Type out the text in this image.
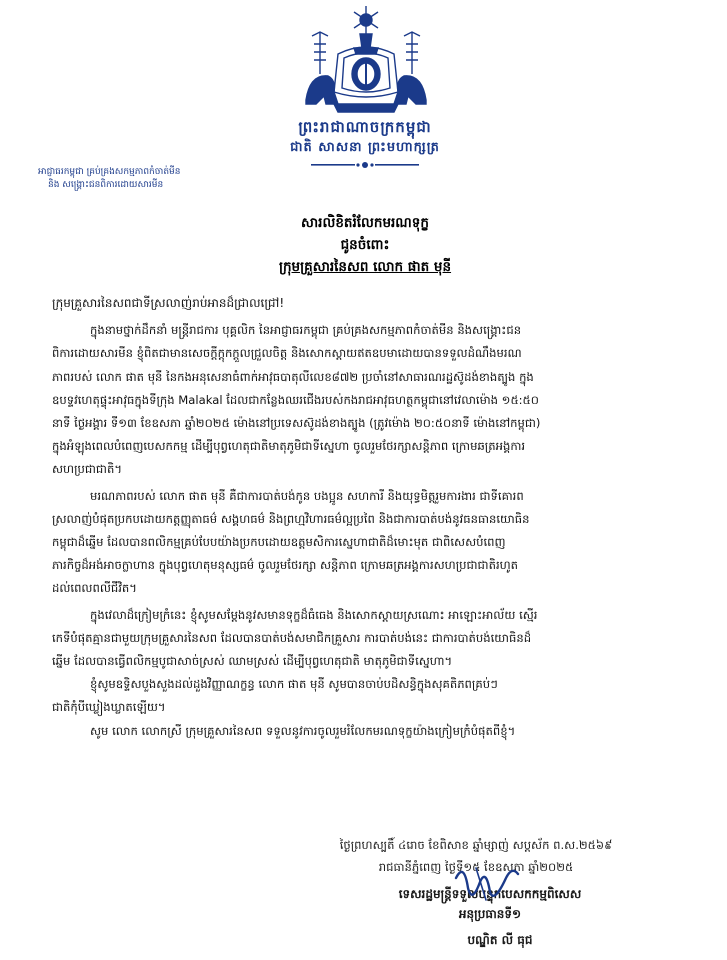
ព្រះរាជាណាចក្រកម្ពុជា
ជាតិ សាសនា ព្រះមហាក្សត្រ
អាជ្ញាធរកម្ពុជា គ្រប់គ្រងសកម្មភាពកំចាត់មីន
និង សង្គ្រោះជនពិការដោយសារមីន
សារលិខិតរំលែកមរណទុក្ខ
ជូនចំពោះ
ក្រុមគ្រួសារនៃសព លោក ផាត មុនី
ក្រុមគ្រួសារនៃសពជាទីស្រលាញ់រាប់អានដ៏ជ្រាលជ្រៅ!
ក្នុងនាមថ្នាក់ដឹកនាំ មន្ត្រីរាជការ បុគ្គលិក នៃអាជ្ញាធរកម្ពុជា គ្រប់គ្រងសកម្មភាពកំចាត់មីន និងសង្គ្រោះជន
ពិការដោយសារមីន ខ្ញុំពិតជាមានសេចក្តីក្តុកក្តួលជ្រួលចិត្ត និងសោកស្តាយឥតឧបមាដោយបានទទួលដំណឹងមរណ
ភាពរបស់ លោក ផាត មុនី នៃកងអនុសេនាធំពាក់អាវុធបាតុលីលេខ៨៧២ ប្រចាំនៅសាធារណរដ្ឋស៊ូដង់ខាងត្បូង ក្នុង
ឧបទ្ទវហេតុផ្ទុះអាវុធក្នុងទីក្រុង Malakal ដែលជាកន្លែងឈរជើងរបស់កងរាជអាវុធហត្ថកម្ពុជានៅវេលាម៉ោង ១៥:៥០
នាទី ថ្ងៃអង្គារ ទី១៣ ខែឧសភា ឆ្នាំ២០២៥ ម៉ោងនៅប្រទេសស៊ូដង់ខាងត្បូង (ត្រូវម៉ោង ២០:៥០នាទី ម៉ោងនៅកម្ពុជា)
ក្នុងអំឡុងពេលបំពេញបេសកកម្ម ដើម្បីបុព្វហេតុជាតិមាតុភូមិជាទីស្នេហា ចូលរួមថែរក្សាសន្តិភាព ក្រោមឆត្រអង្គការ
សហប្រជាជាតិ។
មរណភាពរបស់ លោក ផាត មុនី គឺជាការបាត់បង់កូន បងប្អូន សហការី និងយុទ្ធមិត្តរួមការងារ ជាទីគោរព
ស្រលាញ់បំផុតប្រកបដោយកត្តញ្ញុតាធម៌ សង្គហធម៌ និងព្រហ្មវិហារធម៌ល្អប្រពៃ និងជាការបាត់បង់នូវធនធានយោធិន
កម្ពុជាដ៏ឆ្នើម ដែលបានពលិកម្មគ្រប់បែបយ៉ាងប្រកបដោយឧត្តមសិការស្នេហាជាតិដ៏មោះមុត ជាពិសេសបំពេញ
ភារកិច្ចដ៏អង់អាចក្លាហាន ក្នុងបុព្វហេតុមនុស្សធម៌ ចូលរួមថែរក្សា សន្តិភាព ក្រោមឆត្រអង្គការសហប្រជាជាតិរហូត
ដល់ពេលពលីជីវិត។
ក្នុងវេលាដ៏ក្រៀមក្រំនេះ ខ្ញុំសូមសម្តែងនូវសមានទុក្ខដ៏ធំធេង និងសោកស្តាយស្រណោះ អាឡោះអាល័យ ស្មើរ
កេទីបំផុតគ្មានជាមួយក្រុមគ្រួសារនៃសព ដែលបានបាត់បង់សមាជិកគ្រួសារ ការបាត់បង់នេះ ជាការបាត់បង់យោធិនដ៏
ឆ្នើម ដែលបានធ្វើពលិកម្មបូជាសាច់ស្រស់ ឈាមស្រស់ ដើម្បីបុព្វហេតុជាតិ មាតុភូមិជាទីស្នេហា។
ខ្ញុំសូមឧទ្ទិសបួងសួងដល់ដួងវិញ្ញាណក្ខន្ធ លោក ផាត មុនី សូមបានចាប់បដិសន្ធិក្នុងសុគតិភពគ្រប់ៗ
ជាតិកុំបីឃ្លៀងឃ្លាតឡើយ។
សូម លោក លោកស្រី ក្រុមគ្រួសារនៃសព ទទួលនូវការចូលរួមរំលែកមរណទុក្ខយ៉ាងក្រៀមក្រំបំផុតពីខ្ញុំ។
ថ្ងៃព្រហស្បតិ៍ ៤រោច ខែពិសាខ ឆ្នាំម្សាញ់ សប្តស័ក ព.ស.២៥៦៩
រាជធានីភ្នំពេញ ថ្ងៃទី១៥ ខែឧសភា ឆ្នាំ២០២៥
ទេសរដ្ឋមន្ត្រីទទួលបន្ទុកបេសកកម្មពិសេស
អនុប្រធានទី១
បណ្ឌិត លី ធុជ
